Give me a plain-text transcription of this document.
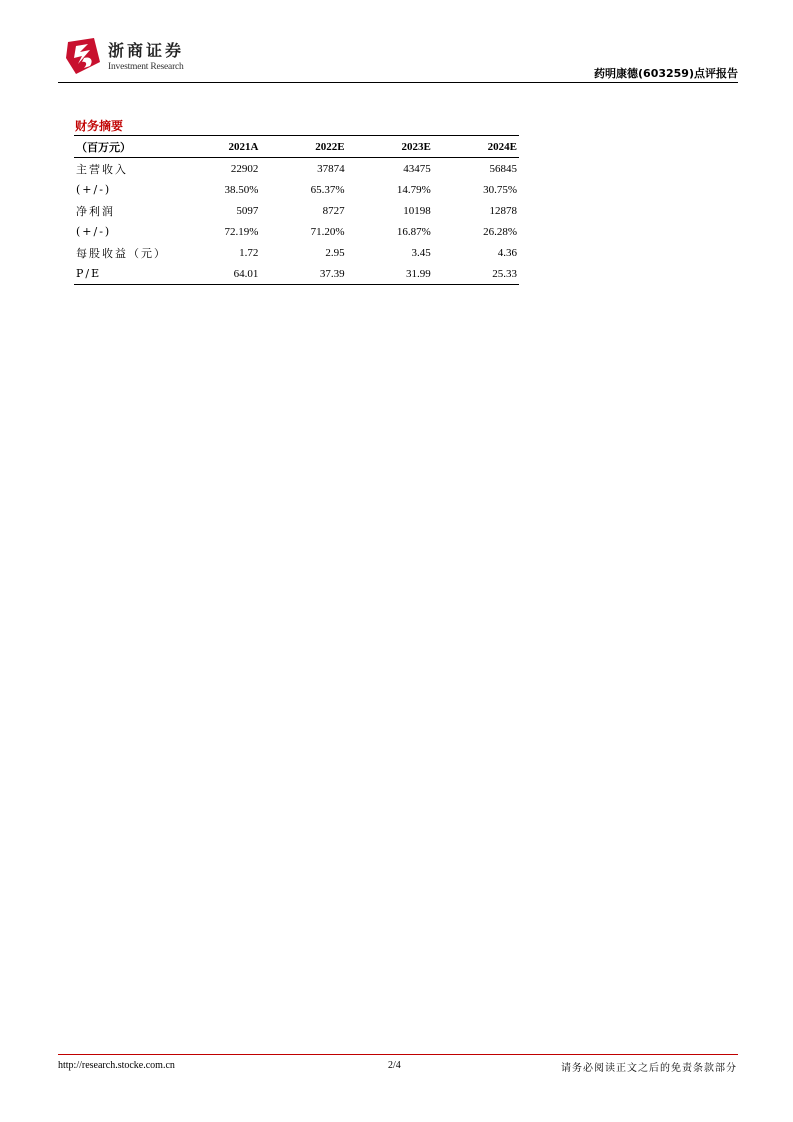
浙商证券
Investment Research	药明康德(603259)点评报告
财务摘要
（百万元）	2021A	2022E	2023E	2024E
主营收入	22902	37874	43475	56845
(+/-)	38.50%	65.37%	14.79%	30.75%
净利润	5097	8727	10198	12878
(+/-)	72.19%	71.20%	16.87%	26.28%
每股收益（元）	1.72	2.95	3.45	4.36
P/E	64.01	37.39	31.99	25.33
http://research.stocke.com.cn	2/4	请务必阅读正文之后的免责条款部分
